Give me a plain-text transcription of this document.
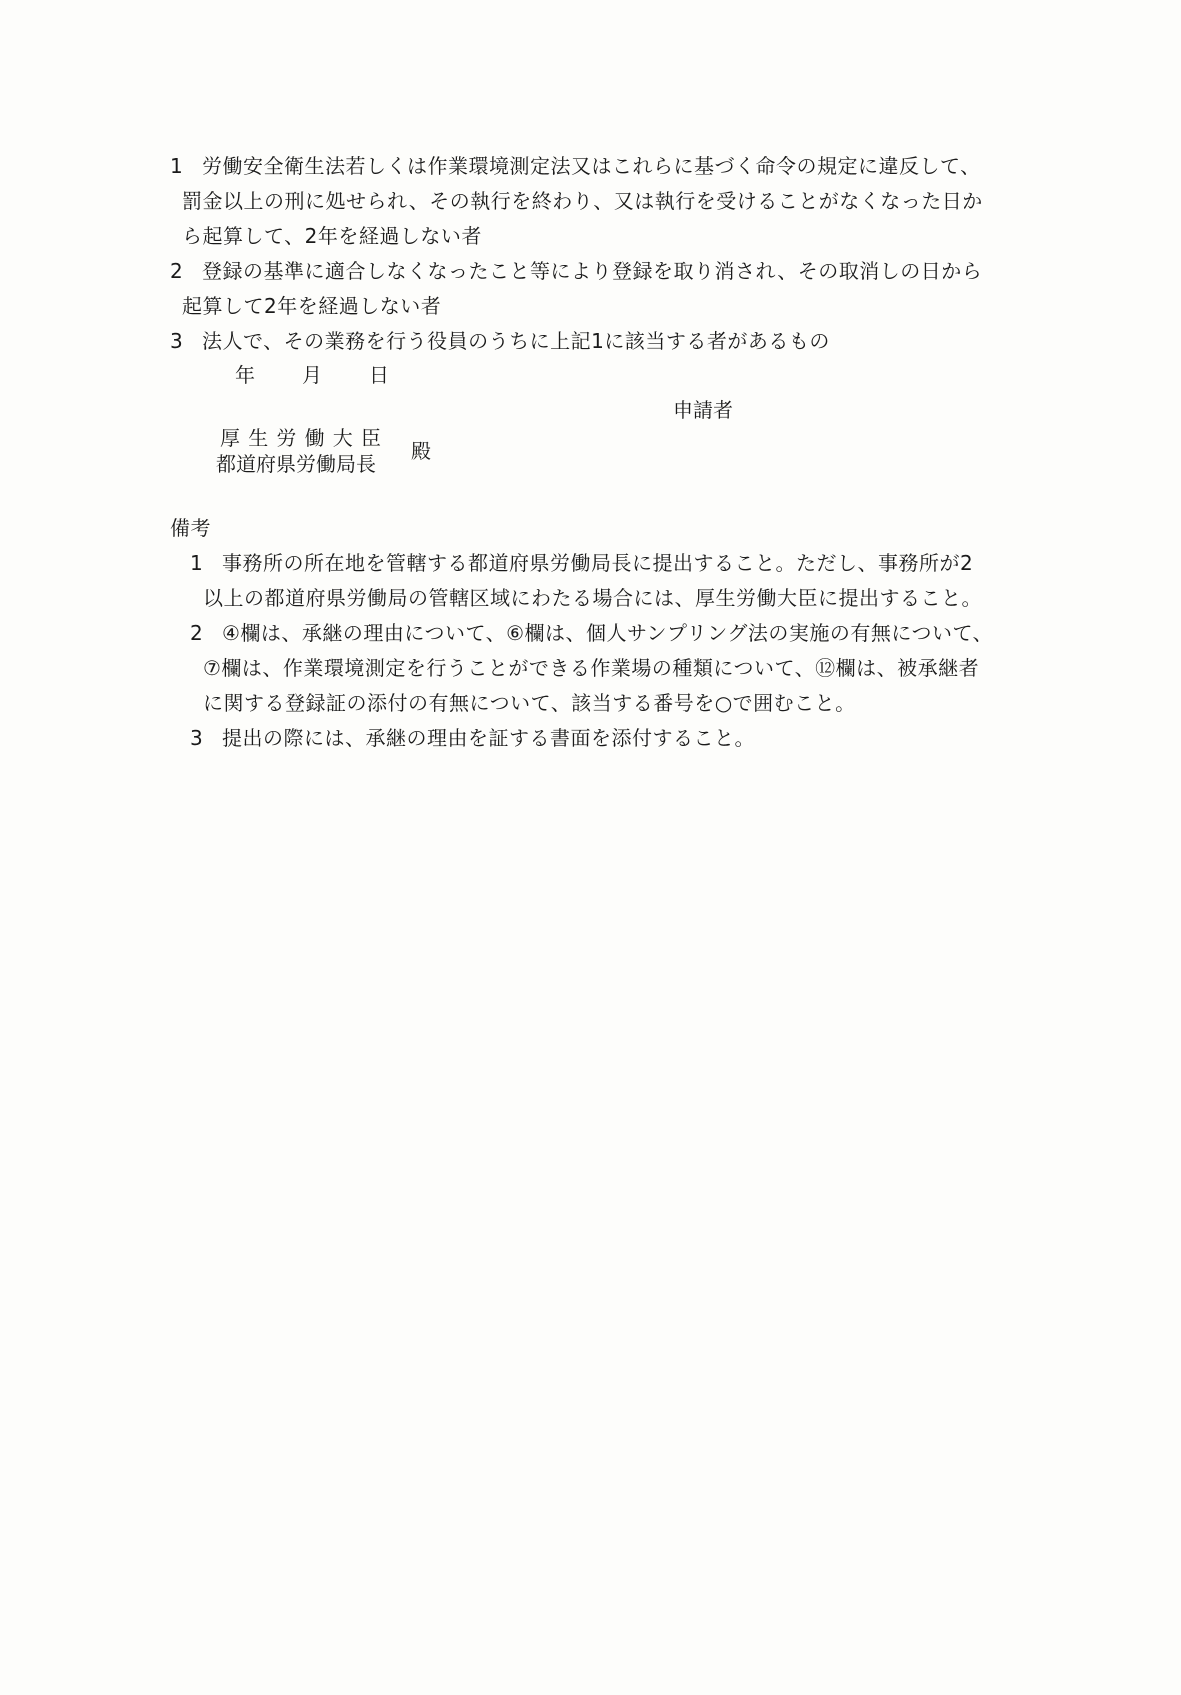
1 労働安全衛生法若しくは作業環境測定法又はこれらに基づく命令の規定に違反して、
罰金以上の刑に処せられ、その執行を終わり、又は執行を受けることがなくなった日か
ら起算して、2年を経過しない者
2 登録の基準に適合しなくなったこと等により登録を取り消され、その取消しの日から
起算して2年を経過しない者
3 法人で、その業務を行う役員のうちに上記1に該当する者があるもの
年 月 日
申請者
厚生労働大臣
都道府県労働局長
殿
備考
1 事務所の所在地を管轄する都道府県労働局長に提出すること。ただし、事務所が2
以上の都道府県労働局の管轄区域にわたる場合には、厚生労働大臣に提出すること。
2 ④欄は、承継の理由について、⑥欄は、個人サンプリング法の実施の有無について、
⑦欄は、作業環境測定を行うことができる作業場の種類について、⑫欄は、被承継者
に関する登録証の添付の有無について、該当する番号を○で囲むこと。
3 提出の際には、承継の理由を証する書面を添付すること。
